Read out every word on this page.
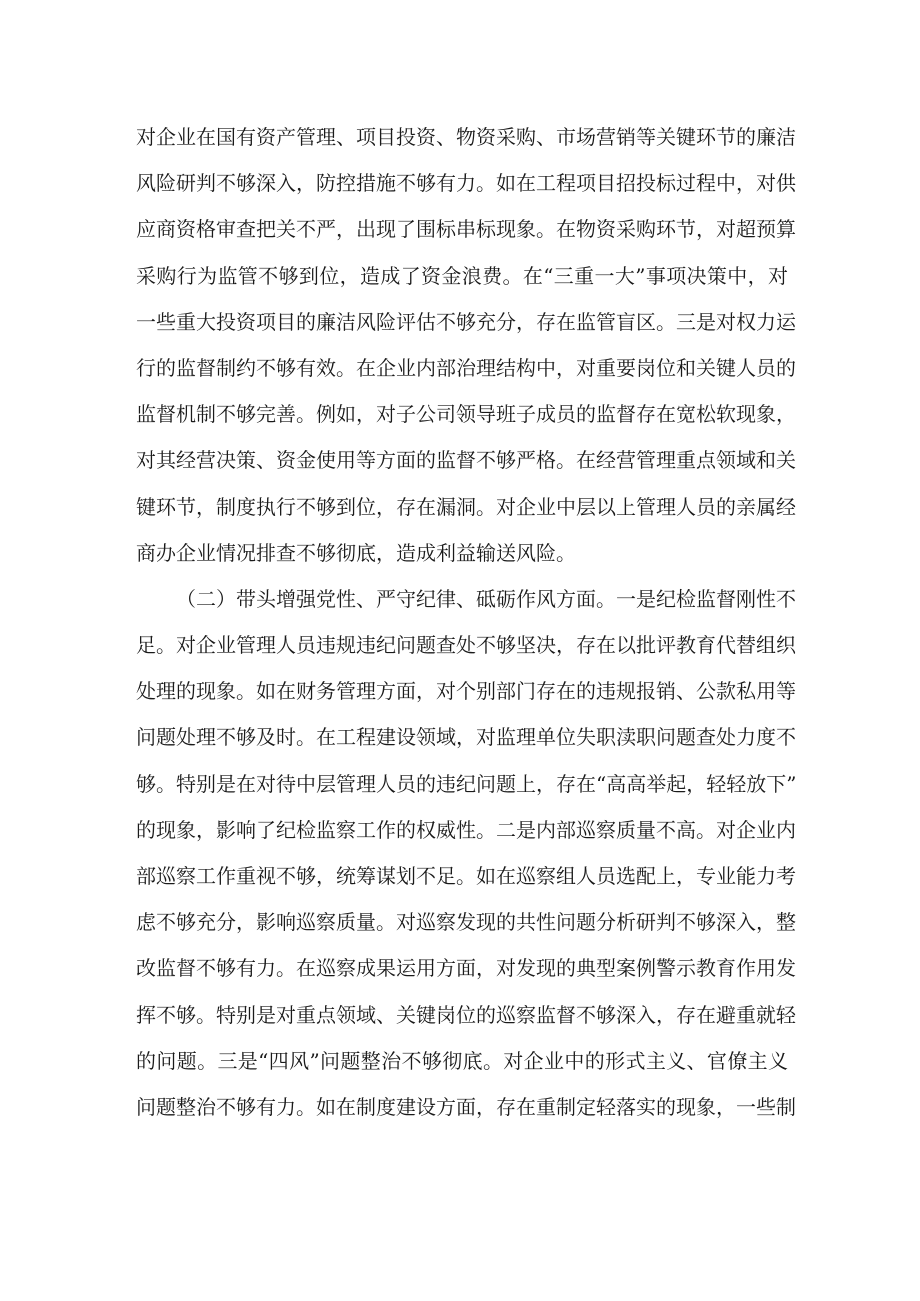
对企业在国有资产管理、项目投资、物资采购、市场营销等关键环节的廉洁
风险研判不够深入，防控措施不够有力。如在工程项目招投标过程中，对供
应商资格审查把关不严，出现了围标串标现象。在物资采购环节，对超预算
采购行为监管不够到位，造成了资金浪费。在“三重一大”事项决策中，对
一些重大投资项目的廉洁风险评估不够充分，存在监管盲区。三是对权力运
行的监督制约不够有效。在企业内部治理结构中，对重要岗位和关键人员的
监督机制不够完善。例如，对子公司领导班子成员的监督存在宽松软现象，
对其经营决策、资金使用等方面的监督不够严格。在经营管理重点领域和关
键环节，制度执行不够到位，存在漏洞。对企业中层以上管理人员的亲属经
商办企业情况排查不够彻底，造成利益输送风险。
（二）带头增强党性、严守纪律、砥砺作风方面。一是纪检监督刚性不
足。对企业管理人员违规违纪问题查处不够坚决，存在以批评教育代替组织
处理的现象。如在财务管理方面，对个别部门存在的违规报销、公款私用等
问题处理不够及时。在工程建设领域，对监理单位失职渎职问题查处力度不
够。特别是在对待中层管理人员的违纪问题上，存在“高高举起，轻轻放下”
的现象，影响了纪检监察工作的权威性。二是内部巡察质量不高。对企业内
部巡察工作重视不够，统筹谋划不足。如在巡察组人员选配上，专业能力考
虑不够充分，影响巡察质量。对巡察发现的共性问题分析研判不够深入，整
改监督不够有力。在巡察成果运用方面，对发现的典型案例警示教育作用发
挥不够。特别是对重点领域、关键岗位的巡察监督不够深入，存在避重就轻
的问题。三是“四风”问题整治不够彻底。对企业中的形式主义、官僚主义
问题整治不够有力。如在制度建设方面，存在重制定轻落实的现象，一些制
